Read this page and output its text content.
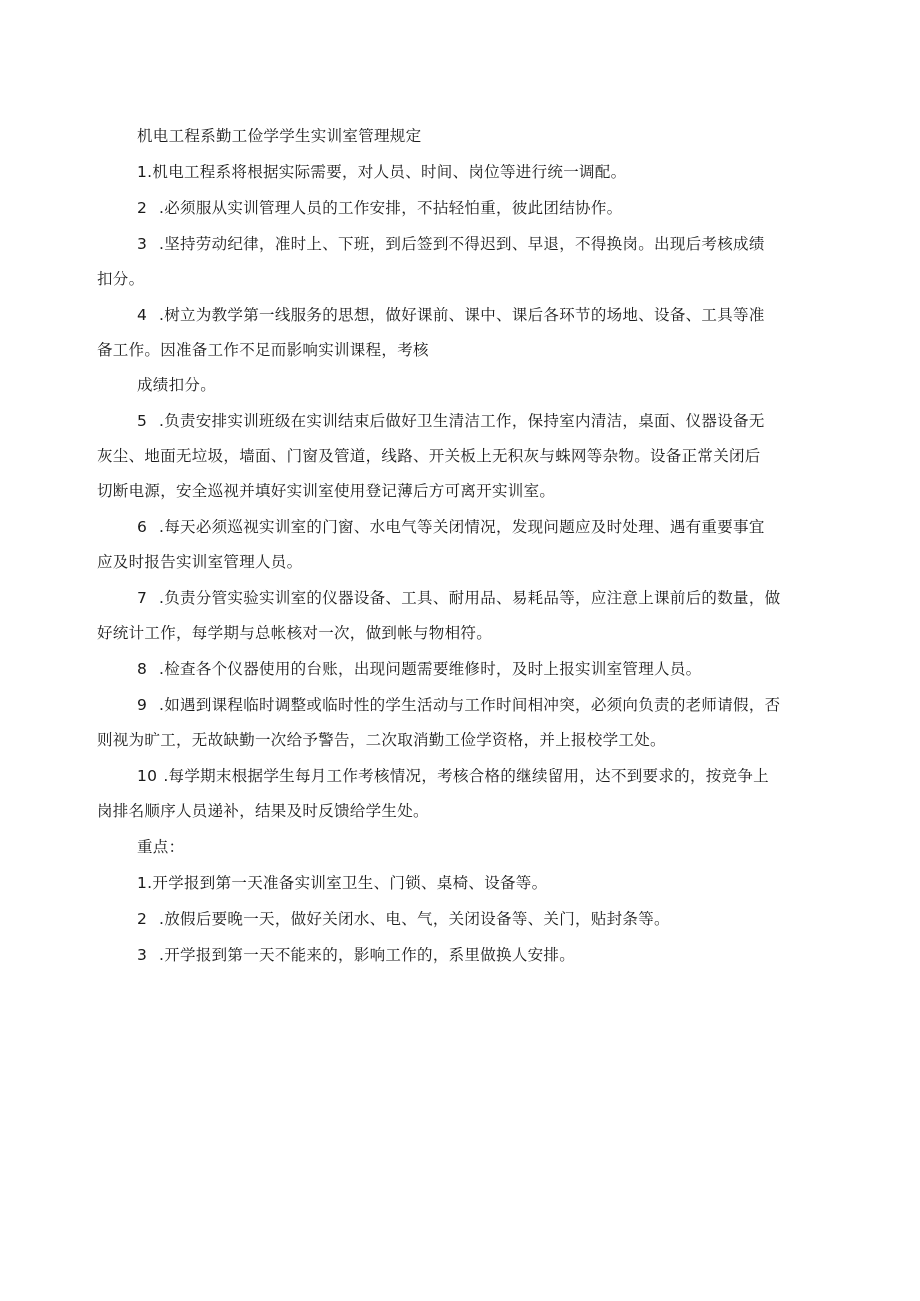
机电工程系勤工俭学学生实训室管理规定
1.机电工程系将根据实际需要，对人员、时间、岗位等进行统一调配。
2 .必须服从实训管理人员的工作安排，不拈轻怕重，彼此团结协作。
3 .坚持劳动纪律，准时上、下班，到后签到不得迟到、早退，不得换岗。出现后考核成绩
扣分。
4 .树立为教学第一线服务的思想，做好课前、课中、课后各环节的场地、设备、工具等准
备工作。因准备工作不足而影响实训课程，考核
成绩扣分。
5 .负责安排实训班级在实训结束后做好卫生清洁工作，保持室内清洁，桌面、仪器设备无
灰尘、地面无垃圾，墙面、门窗及管道，线路、开关板上无积灰与蛛网等杂物。设备正常关闭后
切断电源，安全巡视并填好实训室使用登记薄后方可离开实训室。
6 .每天必须巡视实训室的门窗、水电气等关闭情况，发现问题应及时处理、遇有重要事宜
应及时报告实训室管理人员。
7 .负责分管实验实训室的仪器设备、工具、耐用品、易耗品等，应注意上课前后的数量，做
好统计工作，每学期与总帐核对一次，做到帐与物相符。
8 .检查各个仪器使用的台账，出现问题需要维修时，及时上报实训室管理人员。
9 .如遇到课程临时调整或临时性的学生活动与工作时间相冲突，必须向负责的老师请假，否
则视为旷工，无故缺勤一次给予警告，二次取消勤工俭学资格，并上报校学工处。
10 .每学期末根据学生每月工作考核情况，考核合格的继续留用，达不到要求的，按竞争上
岗排名顺序人员递补，结果及时反馈给学生处。
重点：
1.开学报到第一天准备实训室卫生、门锁、桌椅、设备等。
2 .放假后要晚一天，做好关闭水、电、气，关闭设备等、关门，贴封条等。
3 .开学报到第一天不能来的，影响工作的，系里做换人安排。
